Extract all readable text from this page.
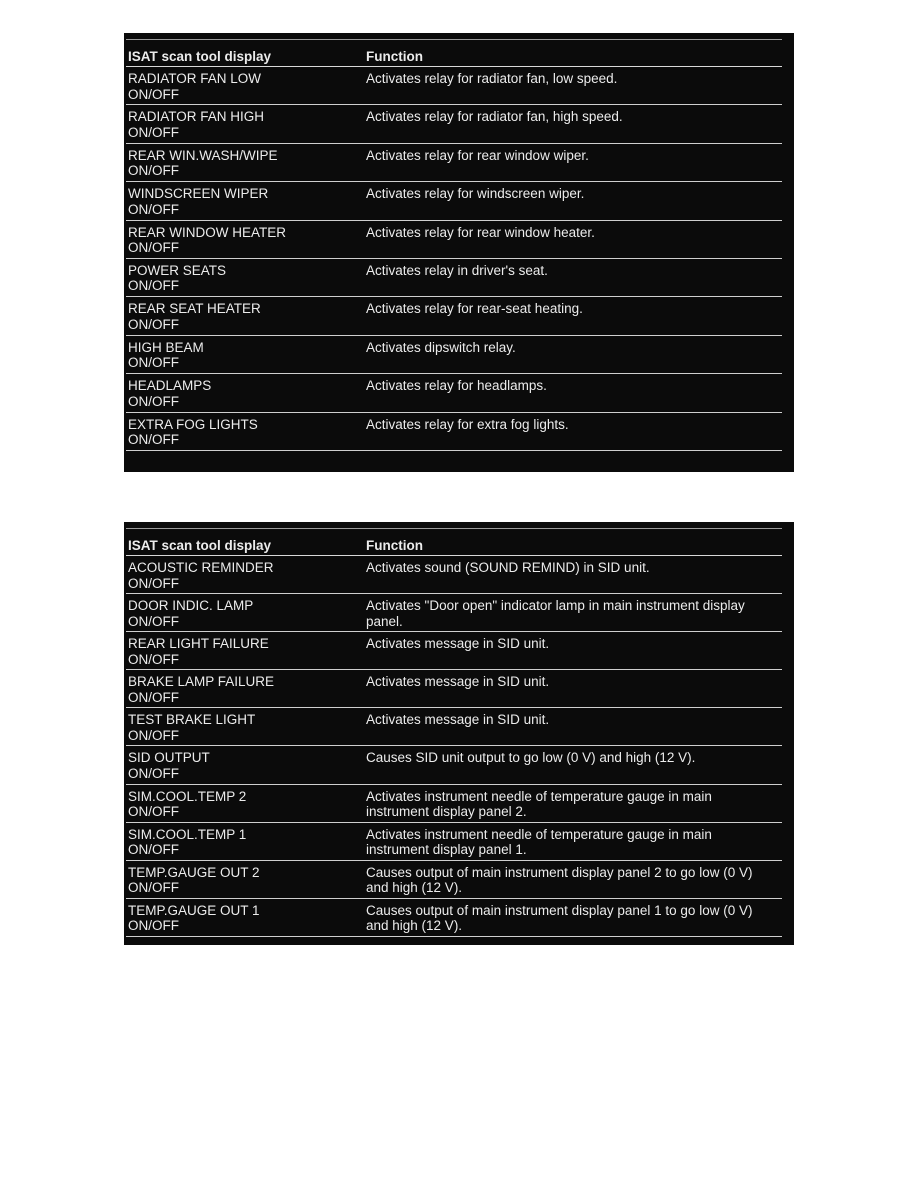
ISAT scan tool display	Function
RADIATOR FAN LOW
ON/OFF
Activates relay for radiator fan, low speed.
RADIATOR FAN HIGH
ON/OFF
Activates relay for radiator fan, high speed.
REAR WIN.WASH/WIPE
ON/OFF
Activates relay for rear window wiper.
WINDSCREEN WIPER
ON/OFF
Activates relay for windscreen wiper.
REAR WINDOW HEATER
ON/OFF
Activates relay for rear window heater.
POWER SEATS
ON/OFF
Activates relay in driver's seat.
REAR SEAT HEATER
ON/OFF
Activates relay for rear-seat heating.
HIGH BEAM
ON/OFF
Activates dipswitch relay.
HEADLAMPS
ON/OFF
Activates relay for headlamps.
EXTRA FOG LIGHTS
ON/OFF
Activates relay for extra fog lights.
ISAT scan tool display	Function
ACOUSTIC REMINDER
ON/OFF
Activates sound (SOUND REMIND) in SID unit.
DOOR INDIC. LAMP
ON/OFF
Activates "Door open" indicator lamp in main instrument display panel.
REAR LIGHT FAILURE
ON/OFF
Activates message in SID unit.
BRAKE LAMP FAILURE
ON/OFF
Activates message in SID unit.
TEST BRAKE LIGHT
ON/OFF
Activates message in SID unit.
SID OUTPUT
ON/OFF
Causes SID unit output to go low (0 V) and high (12 V).
SIM.COOL.TEMP 2
ON/OFF
Activates instrument needle of temperature gauge in main instrument display panel 2.
SIM.COOL.TEMP 1
ON/OFF
Activates instrument needle of temperature gauge in main instrument display panel 1.
TEMP.GAUGE OUT 2
ON/OFF
Causes output of main instrument display panel 2 to go low (0 V) and high (12 V).
TEMP.GAUGE OUT 1
ON/OFF
Causes output of main instrument display panel 1 to go low (0 V) and high (12 V).
